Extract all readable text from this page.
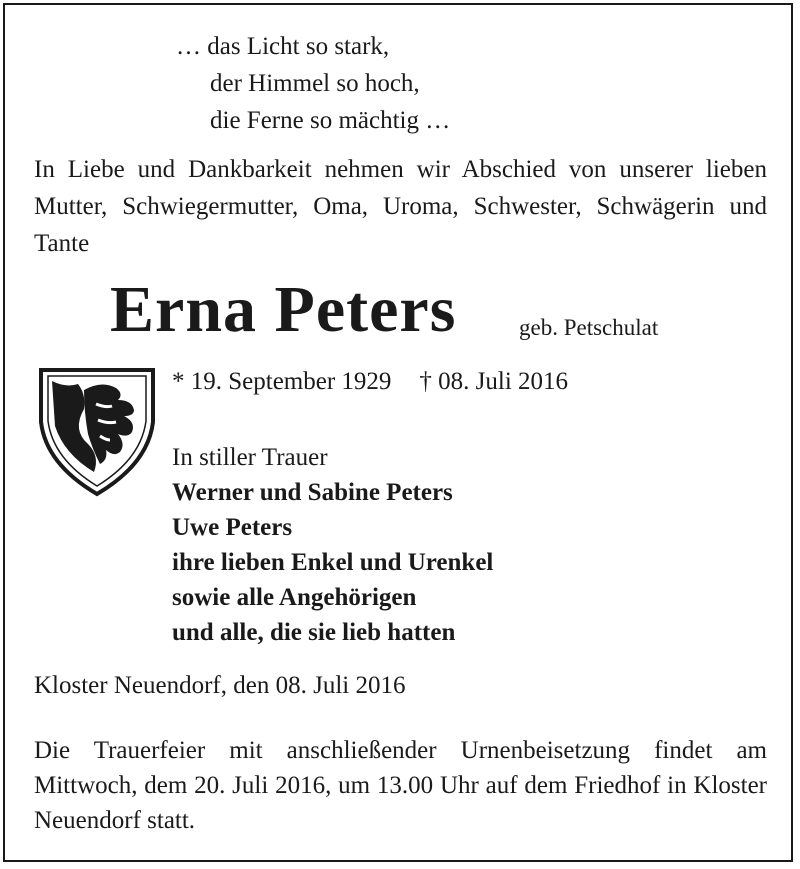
… das Licht so stark,
der Himmel so hoch,
die Ferne so mächtig …
In Liebe und Dankbarkeit nehmen wir Abschied von unserer lieben Mutter, Schwiegermutter, Oma, Uroma, Schwester, Schwägerin und Tante
Erna Peters	geb. Petschulat
* 19. September 1929 † 08. Juli 2016
In stiller Trauer
Werner und Sabine Peters
Uwe Peters
ihre lieben Enkel und Urenkel
sowie alle Angehörigen
und alle, die sie lieb hatten
Kloster Neuendorf, den 08. Juli 2016
Die Trauerfeier mit anschließender Urnenbeisetzung findet am Mittwoch, dem 20. Juli 2016, um 13.00 Uhr auf dem Friedhof in Kloster Neuendorf statt.
